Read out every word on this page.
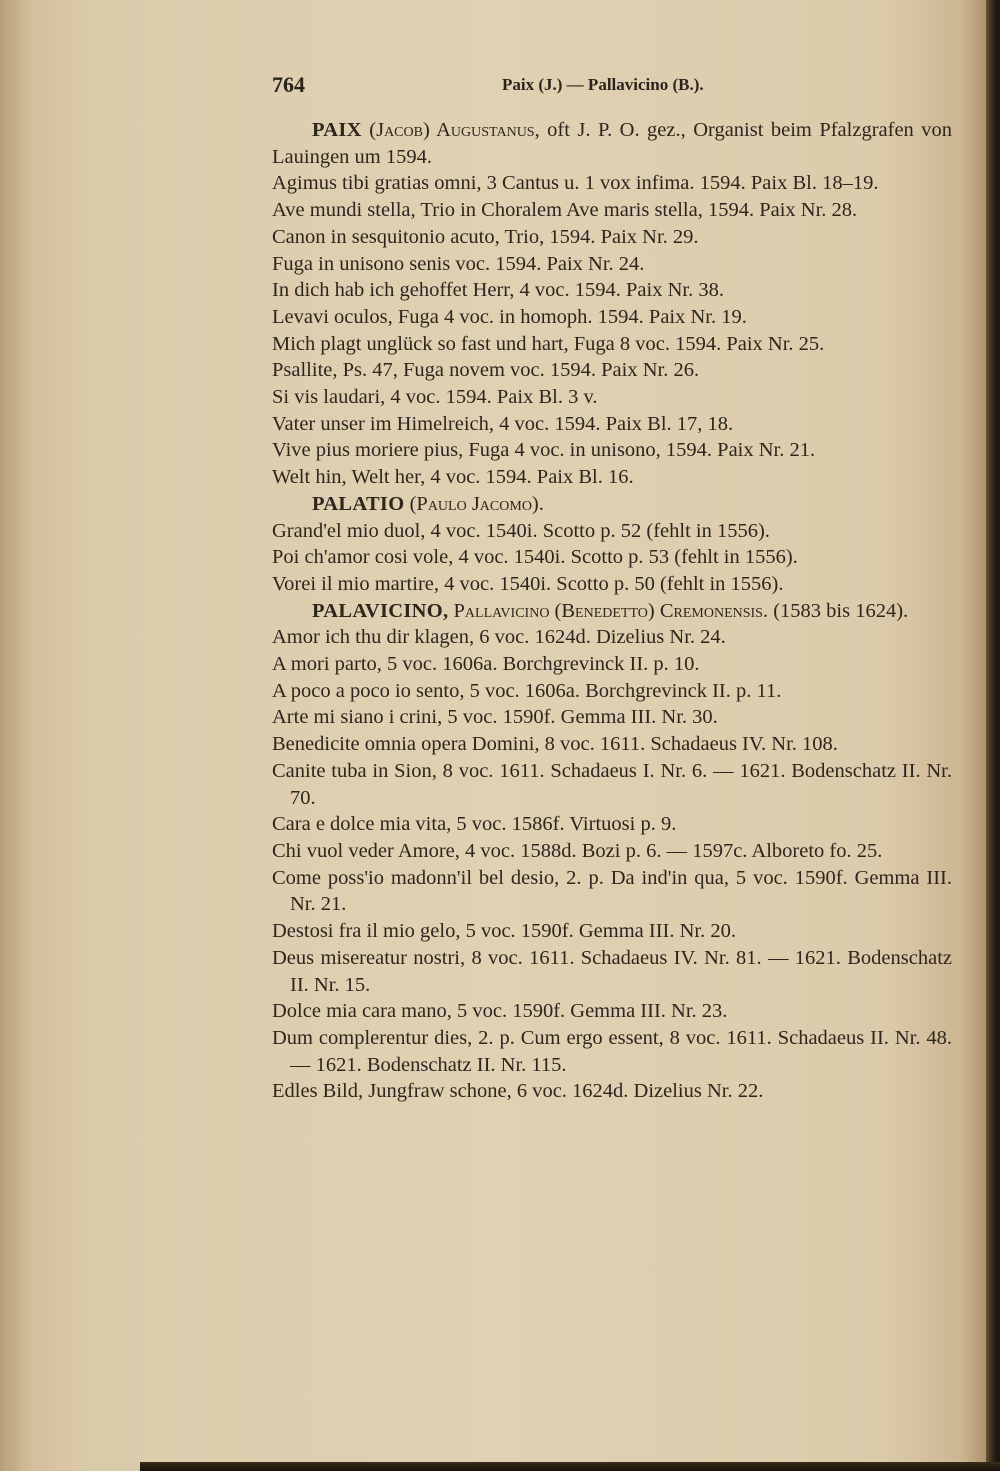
764	Paix (J.) — Pallavicino (B.).
PAIX (Jacob) Augustanus, oft J. P. O. gez., Organist beim Pfalzgrafen von Lauingen um 1594.
Agimus tibi gratias omni, 3 Cantus u. 1 vox infima. 1594. Paix Bl. 18–19.
Ave mundi stella, Trio in Choralem Ave maris stella, 1594. Paix Nr. 28.
Canon in sesquitonio acuto, Trio, 1594. Paix Nr. 29.
Fuga in unisono senis voc. 1594. Paix Nr. 24.
In dich hab ich gehoffet Herr, 4 voc. 1594. Paix Nr. 38.
Levavi oculos, Fuga 4 voc. in homoph. 1594. Paix Nr. 19.
Mich plagt unglück so fast und hart, Fuga 8 voc. 1594. Paix Nr. 25.
Psallite, Ps. 47, Fuga novem voc. 1594. Paix Nr. 26.
Si vis laudari, 4 voc. 1594. Paix Bl. 3 v.
Vater unser im Himelreich, 4 voc. 1594. Paix Bl. 17, 18.
Vive pius moriere pius, Fuga 4 voc. in unisono, 1594. Paix Nr. 21.
Welt hin, Welt her, 4 voc. 1594. Paix Bl. 16.
PALATIO (Paulo Jacomo).
Grand'el mio duol, 4 voc. 1540i. Scotto p. 52 (fehlt in 1556).
Poi ch'amor cosi vole, 4 voc. 1540i. Scotto p. 53 (fehlt in 1556).
Vorei il mio martire, 4 voc. 1540i. Scotto p. 50 (fehlt in 1556).
PALAVICINO, Pallavicino (Benedetto) Cremonensis. (1583 bis 1624).
Amor ich thu dir klagen, 6 voc. 1624d. Dizelius Nr. 24.
A mori parto, 5 voc. 1606a. Borchgrevinck II. p. 10.
A poco a poco io sento, 5 voc. 1606a. Borchgrevinck II. p. 11.
Arte mi siano i crini, 5 voc. 1590f. Gemma III. Nr. 30.
Benedicite omnia opera Domini, 8 voc. 1611. Schadaeus IV. Nr. 108.
Canite tuba in Sion, 8 voc. 1611. Schadaeus I. Nr. 6. — 1621. Bodenschatz II. Nr. 70.
Cara e dolce mia vita, 5 voc. 1586f. Virtuosi p. 9.
Chi vuol veder Amore, 4 voc. 1588d. Bozi p. 6. — 1597c. Alboreto fo. 25.
Come poss'io madonn'il bel desio, 2. p. Da ind'in qua, 5 voc. 1590f. Gemma III. Nr. 21.
Destosi fra il mio gelo, 5 voc. 1590f. Gemma III. Nr. 20.
Deus misereatur nostri, 8 voc. 1611. Schadaeus IV. Nr. 81. — 1621. Bodenschatz II. Nr. 15.
Dolce mia cara mano, 5 voc. 1590f. Gemma III. Nr. 23.
Dum complerentur dies, 2. p. Cum ergo essent, 8 voc. 1611. Schadaeus II. Nr. 48. — 1621. Bodenschatz II. Nr. 115.
Edles Bild, Jungfraw schone, 6 voc. 1624d. Dizelius Nr. 22.
